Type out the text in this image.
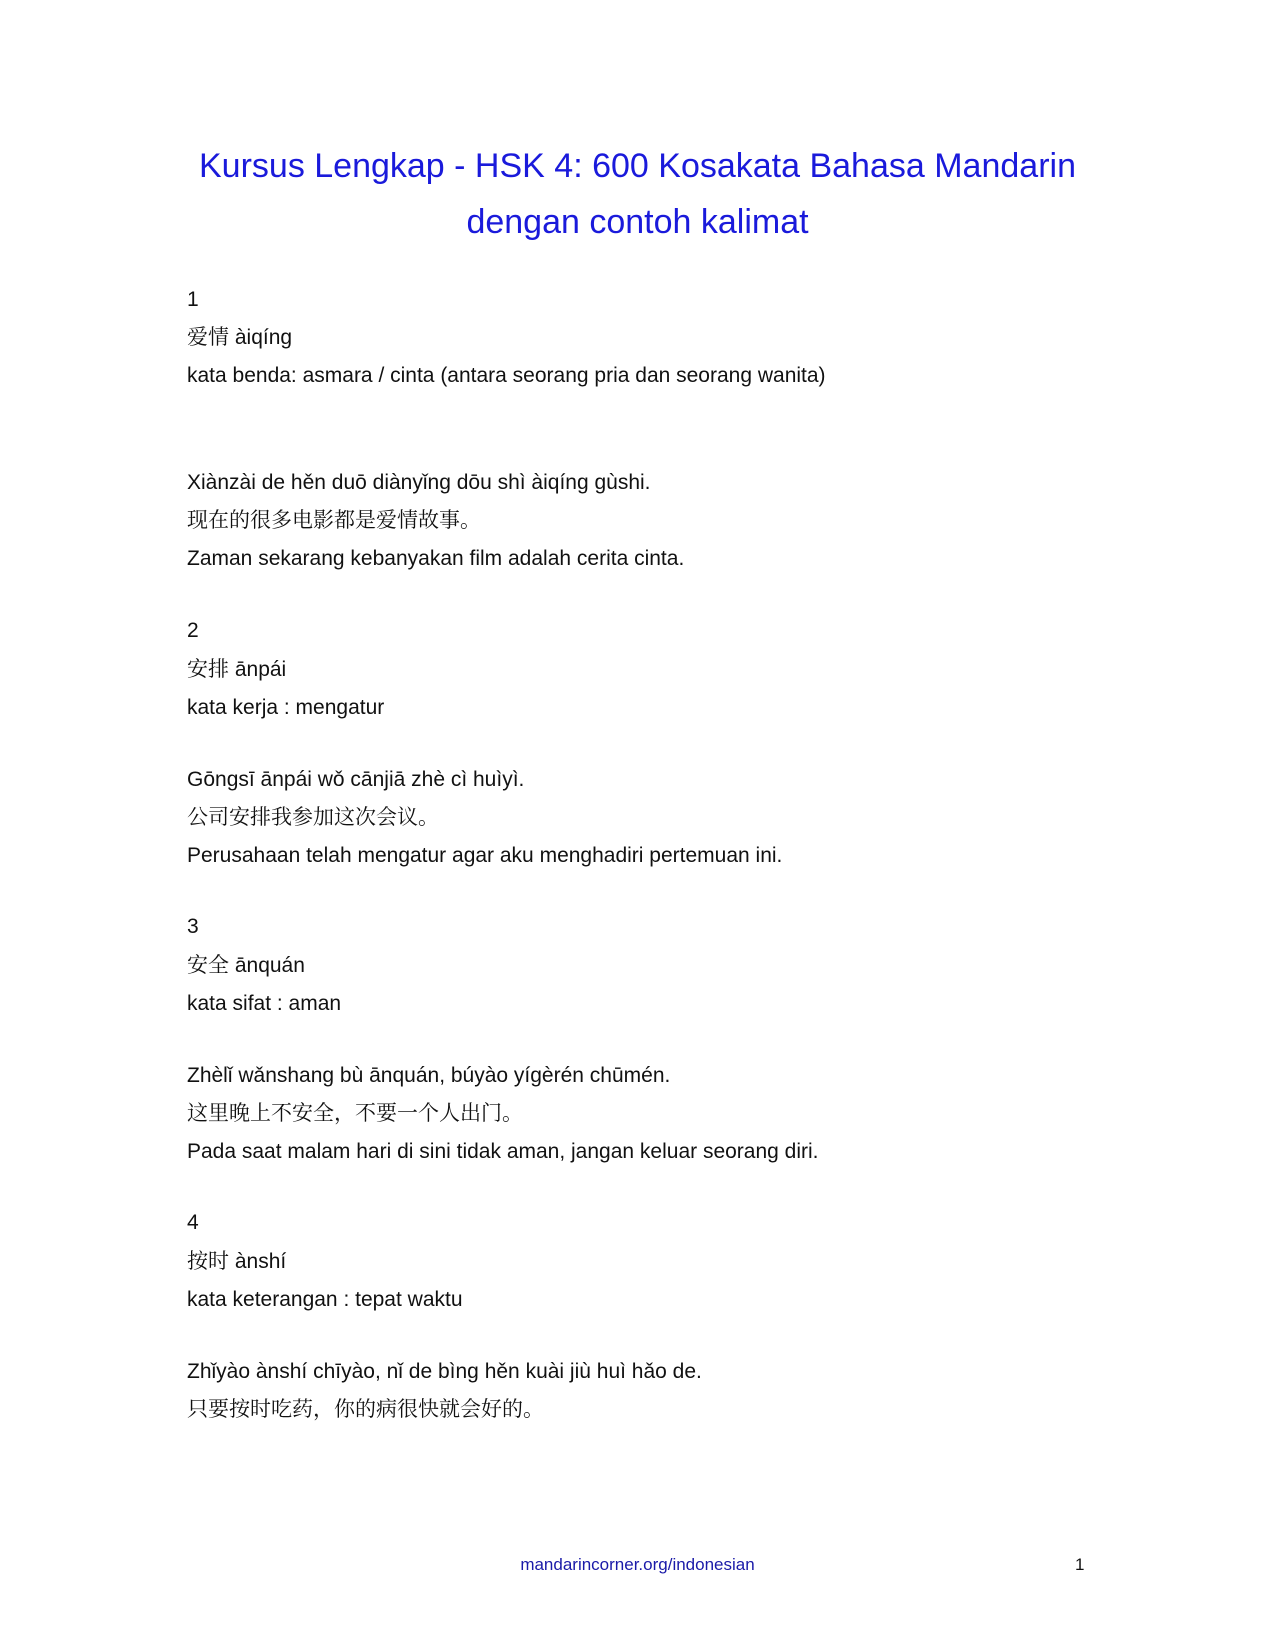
Kursus Lengkap - HSK 4: 600 Kosakata Bahasa Mandarin
dengan contoh kalimat
1
爱情 àiqíng
kata benda: asmara / cinta (antara seorang pria dan seorang wanita)
Xiànzài de hěn duō diànyǐng dōu shì àiqíng gùshi.
现在的很多电影都是爱情故事。
Zaman sekarang kebanyakan film adalah cerita cinta.
2
安排 ānpái
kata kerja : mengatur
Gōngsī ānpái wǒ cānjiā zhè cì huìyì.
公司安排我参加这次会议。
Perusahaan telah mengatur agar aku menghadiri pertemuan ini.
3
安全 ānquán
kata sifat : aman
Zhèlǐ wǎnshang bù ānquán, búyào yígèrén chūmén.
这里晚上不安全，不要一个人出门。
Pada saat malam hari di sini tidak aman, jangan keluar seorang diri.
4
按时 ànshí
kata keterangan : tepat waktu
Zhǐyào ànshí chīyào, nǐ de bìng hěn kuài jiù huì hǎo de.
只要按时吃药，你的病很快就会好的。
mandarincorner.org/indonesian	1
